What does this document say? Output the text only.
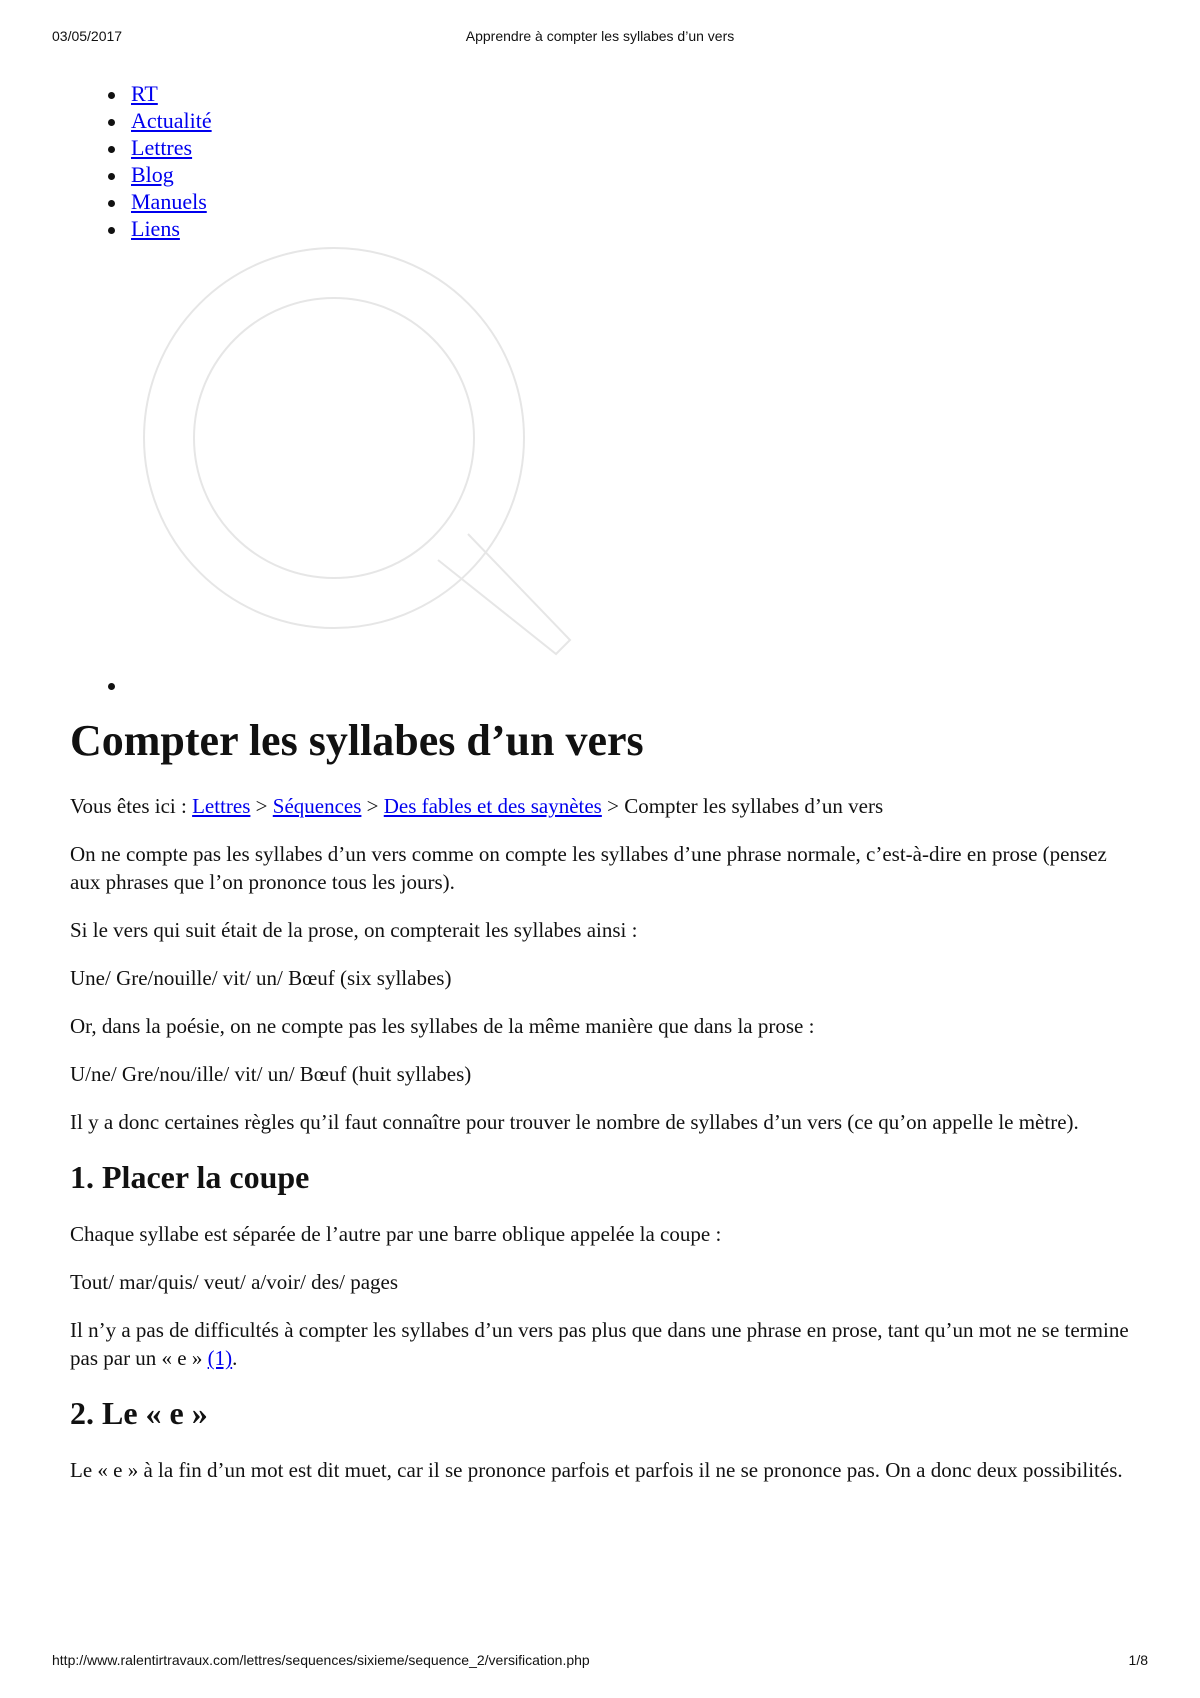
03/05/2017	Apprendre à compter les syllabes d’un vers
RT
Actualité
Lettres
Blog
Manuels
Liens
Compter les syllabes d’un vers

Vous êtes ici : Lettres > Séquences > Des fables et des saynètes > Compter les syllabes d’un vers

On ne compte pas les syllabes d’un vers comme on compte les syllabes d’une phrase normale, c’est-à-dire en prose (pensez aux phrases que l’on prononce tous les jours).

Si le vers qui suit était de la prose, on compterait les syllabes ainsi :

Une/ Gre/nouille/ vit/ un/ Bœuf (six syllabes)

Or, dans la poésie, on ne compte pas les syllabes de la même manière que dans la prose :

U/ne/ Gre/nou/ille/ vit/ un/ Bœuf (huit syllabes)

Il y a donc certaines règles qu’il faut connaître pour trouver le nombre de syllabes d’un vers (ce qu’on appelle le mètre).

1. Placer la coupe

Chaque syllabe est séparée de l’autre par une barre oblique appelée la coupe :

Tout/ mar/quis/ veut/ a/voir/ des/ pages

Il n’y a pas de difficultés à compter les syllabes d’un vers pas plus que dans une phrase en prose, tant qu’un mot ne se termine pas par un « e » (1).

2. Le « e »

Le « e » à la fin d’un mot est dit muet, car il se prononce parfois et parfois il ne se prononce pas. On a donc deux possibilités.

http://www.ralentirtravaux.com/lettres/sequences/sixieme/sequence_2/versification.php	1/8
